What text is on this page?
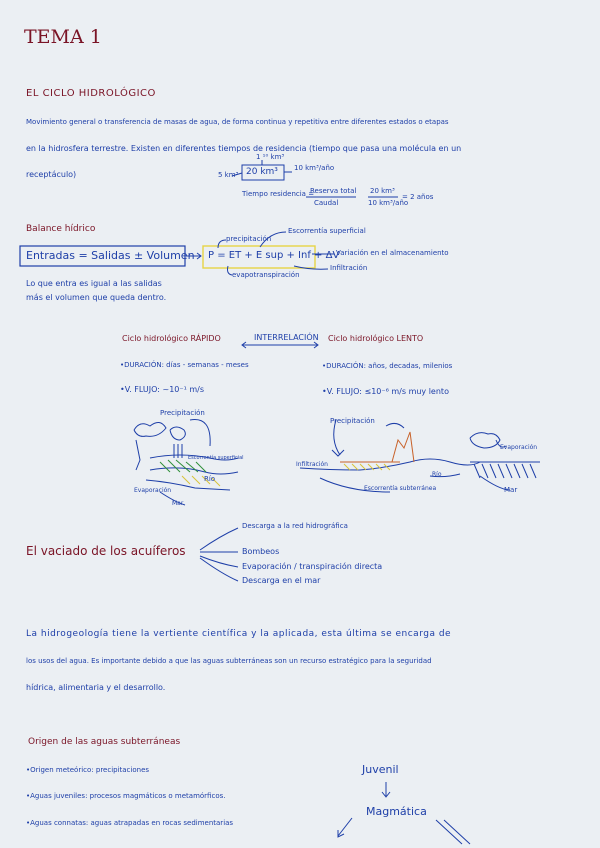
TEMA 1
EL CICLO HIDROLÓGICO
Movimiento general o transferencia de masas de agua, de forma continua y repetitiva entre diferentes estados o etapas
en la hidrosfera terrestre. Existen en diferentes tiempos de residencia (tiempo que pasa una molécula en un
receptáculo)
1 ¹⁰ km³
5 km³ 20 km³ 10 km³/año
Tiempo residencia =
Reserva total
Caudal
20 km³
10 km³/año
= 2 años
Balance hídrico
Entradas = Salidas ± Volumen P = ET + E sup + Inf + ΔV
precipitación
Escorrentía superficial
Variación en el almacenamiento
Infiltración
evapotranspiración
Lo que entra es igual a las salidas
más el volumen que queda dentro.
Ciclo hidrológico RÁPIDO	INTERRELACIÓN Ciclo hidrológico LENTO
•DURACIÓN: días - semanas - meses
•V. FLUJO: ~10⁻¹ m/s
•DURACIÓN: años, decadas, milenios
•V. FLUJO: ≤10⁻⁶ m/s muy lento
Precipitación
Escorrentía superficial
Río
Evaporación
Mar
Precipitación
Evaporación
Infiltración
Río
Escorrentía subterránea	Mar
El vaciado de los acuíferos
Descarga a la red hidrográfica
Bombeos
Evaporación / transpiración directa
Descarga en el mar
La hidrogeología tiene la vertiente científica y la aplicada, esta última se encarga de
los usos del agua. Es importante debido a que las aguas subterráneas son un recurso estratégico para la seguridad
hídrica, alimentaria y el desarrollo.
Origen de las aguas subterráneas
•Origen meteórico: precipitaciones
•Aguas juveniles: procesos magmáticos o metamórficos.
•Aguas connatas: aguas atrapadas en rocas sedimentarias
Juvenil
Magmática
